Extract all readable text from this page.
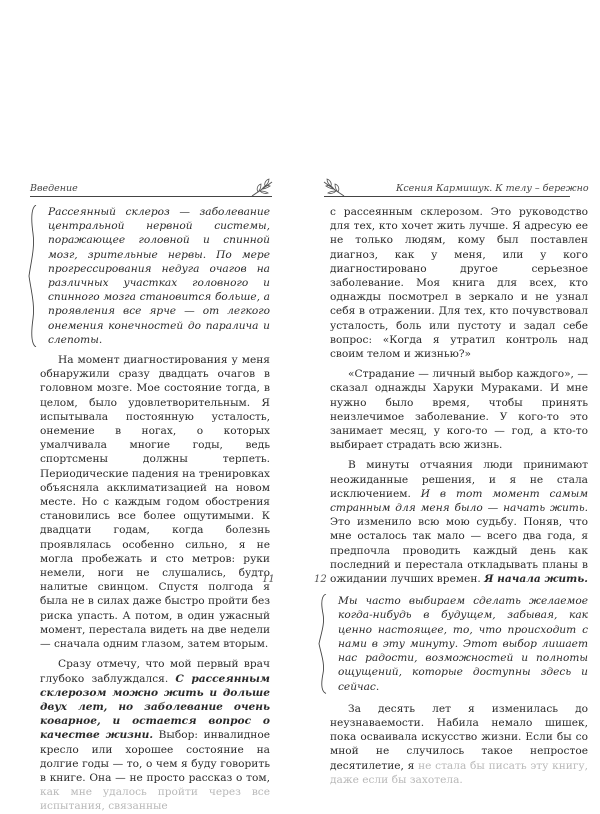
Введение

Рассеянный склероз — заболевание центральной нервной системы, поражающее головной и спинной мозг, зрительные нервы. По мере прогрессирования недуга очагов на различных участках головного и спинного мозга становится больше, а проявления все ярче — от легкого онемения конечностей до паралича и слепоты.

На момент диагностирования у меня обнаружили сразу двадцать очагов в головном мозге. Мое состояние тогда, в целом, было удовлетворительным. Я испытывала постоянную усталость, онемение в ногах, о которых умалчивала многие годы, ведь спортсмены должны терпеть. Периодические падения на тренировках объясняла акклиматизацией на новом месте. Но с каждым годом обострения становились все более ощутимыми. К двадцати годам, когда болезнь проявлялась особенно сильно, я не могла пробежать и сто метров: руки немели, ноги не слушались, будто налитые свинцом. Спустя полгода я была не в силах даже быстро пройти без риска упасть. А потом, в один ужасный момент, перестала видеть на две недели — сначала одним глазом, затем вторым.

Сразу отмечу, что мой первый врач глубоко заблуждался. С рассеянным склерозом можно жить и дольше двух лет, но заболевание очень коварное, и остается вопрос о качестве жизни. Выбор: инвалидное кресло или хорошее состояние на долгие годы — то, о чем я буду говорить в книге. Она — не просто рассказ о том, как мне удалось пройти через все испытания, связанные

11
Ксения Кармишук. К телу – бережно

с рассеянным склерозом. Это руководство для тех, кто хочет жить лучше. Я адресую ее не только людям, кому был поставлен диагноз, как у меня, или у кого диагностировано другое серьезное заболевание. Моя книга для всех, кто однажды посмотрел в зеркало и не узнал себя в отражении. Для тех, кто почувствовал усталость, боль или пустоту и задал себе вопрос: «Когда я утратил контроль над своим телом и жизнью?»

«Страдание — личный выбор каждого», — сказал однажды Харуки Мураками. И мне нужно было время, чтобы принять неизлечимое заболевание. У кого-то это занимает месяц, у кого-то — год, а кто-то выбирает страдать всю жизнь.

В минуты отчаяния люди принимают неожиданные решения, и я не стала исключением. И в тот момент самым странным для меня было — начать жить. Это изменило всю мою судьбу. Поняв, что мне осталось так мало — всего два года, я предпочла проводить каждый день как последний и перестала откладывать планы в ожидании лучших времен. Я начала жить.

Мы часто выбираем сделать желаемое когда-нибудь в будущем, забывая, как ценно настоящее, то, что происходит с нами в эту минуту. Этот выбор лишает нас радости, возможностей и полноты ощущений, которые доступны здесь и сейчас.

За десять лет я изменилась до неузнаваемости. Набила немало шишек, пока осваивала искусство жизни. Если бы со мной не случилось такое непростое десятилетие, я не стала бы писать эту книгу, даже если бы захотела.

12
